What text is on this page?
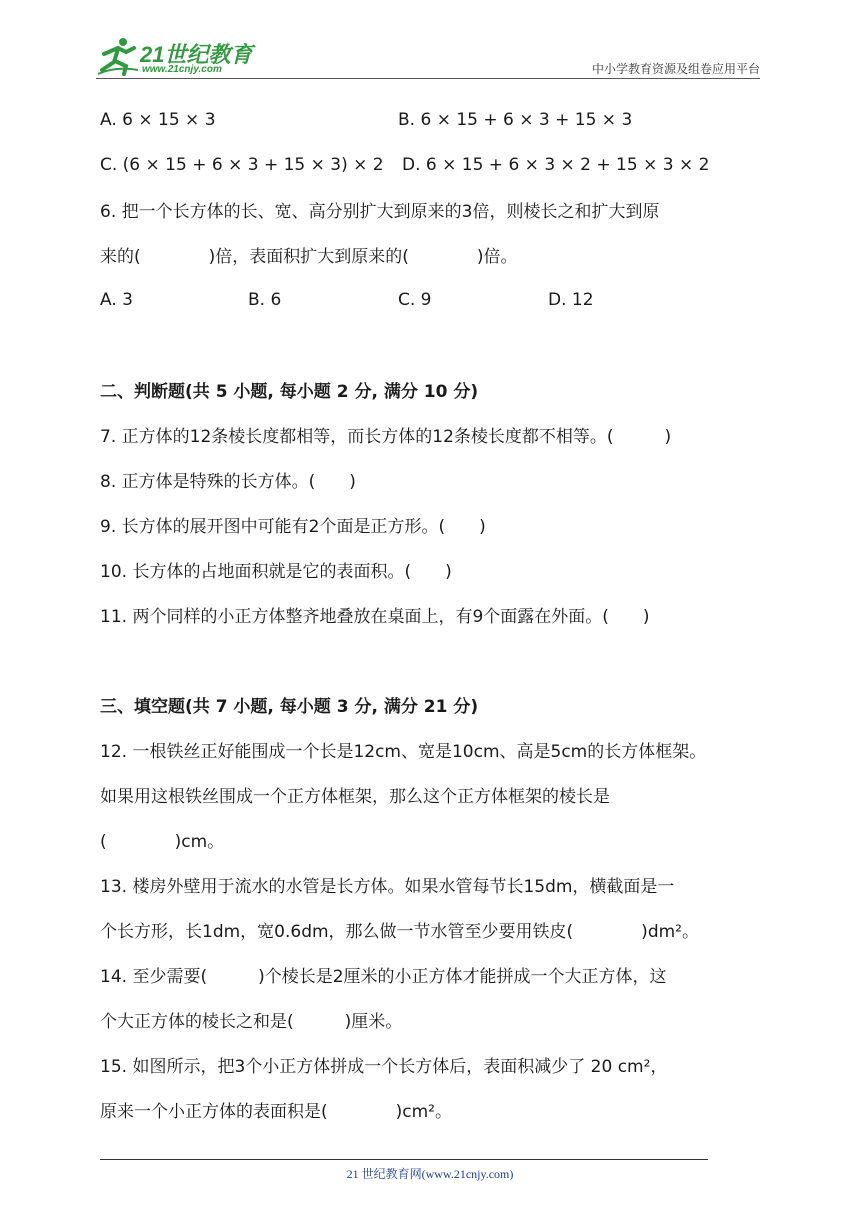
21世纪教育
www.21cnjy.com	中小学教育资源及组卷应用平台
A. 6 × 15 × 3	B. 6 × 15 + 6 × 3 + 15 × 3
C. (6 × 15 + 6 × 3 + 15 × 3) × 2 D. 6 × 15 + 6 × 3 × 2 + 15 × 3 × 2
6. 把一个长方体的长、宽、高分别扩大到原来的3倍，则棱长之和扩大到原
来的(　　　　)倍，表面积扩大到原来的(　　　　)倍。
A. 3	B. 6	C. 9	D. 12
二、判断题(共 5 小题, 每小题 2 分, 满分 10 分)
7. 正方体的12条棱长度都相等，而长方体的12条棱长度都不相等。(　　　)
8. 正方体是特殊的长方体。(　　)
9. 长方体的展开图中可能有2个面是正方形。(　　)
10. 长方体的占地面积就是它的表面积。(　　)
11. 两个同样的小正方体整齐地叠放在桌面上，有9个面露在外面。(　　)
三、填空题(共 7 小题, 每小题 3 分, 满分 21 分)
12. 一根铁丝正好能围成一个长是12cm、宽是10cm、高是5cm的长方体框架。
如果用这根铁丝围成一个正方体框架，那么这个正方体框架的棱长是
(　　　　)cm。
13. 楼房外壁用于流水的水管是长方体。如果水管每节长15dm，横截面是一
个长方形，长1dm，宽0.6dm，那么做一节水管至少要用铁皮(　　　　)dm²。
14. 至少需要(　　　)个棱长是2厘米的小正方体才能拼成一个大正方体，这
个大正方体的棱长之和是(　　　)厘米。
15. 如图所示，把3个小正方体拼成一个长方体后，表面积减少了 20 cm²，
原来一个小正方体的表面积是(　　　　)cm²。
21 世纪教育网(www.21cnjy.com)
